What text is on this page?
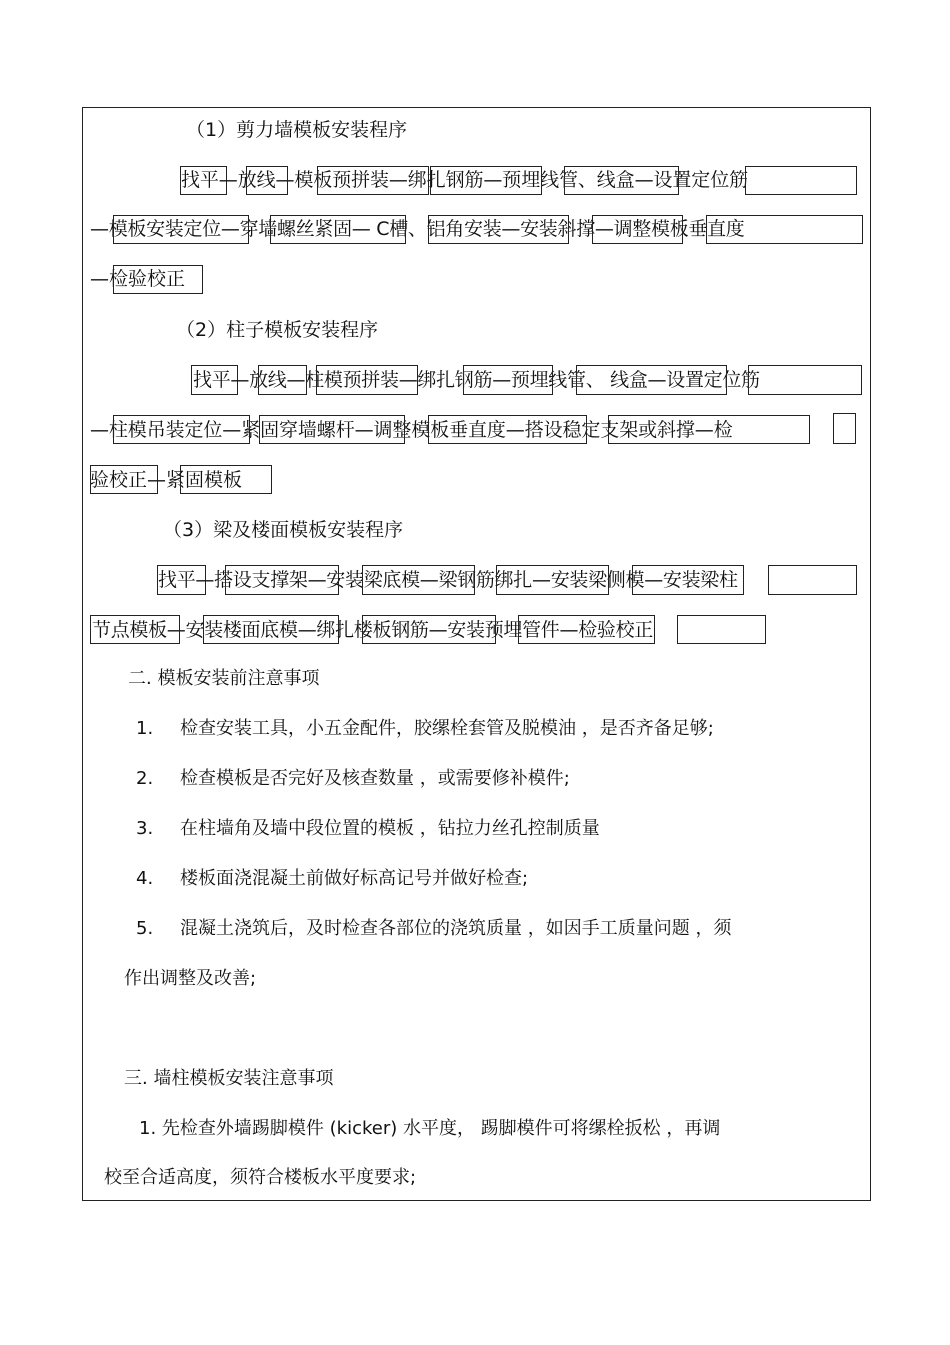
（1）剪力墙模板安装程序
找平—放线—模板预拼装—绑扎钢筋—预埋线管、线盒—设置定位筋
—模板安装定位—穿墙螺丝紧固— C槽、铝角安装—安装斜撑—调整模板垂直度
—检验校正
（2）柱子模板安装程序
找平—放线—柱模预拼装—绑扎钢筋—预埋线管、 线盒—设置定位筋
—柱模吊装定位—紧固穿墙螺杆—调整模板垂直度—搭设稳定支架或斜撑—检
验校正—紧固模板
（3）梁及楼面模板安装程序
找平—搭设支撑架—安装梁底模—梁钢筋绑扎—安装梁侧模—安装梁柱
节点模板—安装楼面底模—绑扎楼板钢筋—安装预埋管件—检验校正
二. 模板安装前注意事项
1. 检查安装工具，小五金配件，胶缧栓套管及脱模油 ，是否齐备足够;
2. 检查模板是否完好及核查数量 ，或需要修补模件;
3. 在柱墙角及墙中段位置的模板 ，钻拉力丝孔控制质量
4. 楼板面浇混凝土前做好标高记号并做好检查;
5. 混凝土浇筑后，及时检查各部位的浇筑质量 ，如因手工质量问题 ，须
作出调整及改善;
三. 墙柱模板安装注意事项
1. 先检查外墙踢脚模件 (kicker) 水平度， 踢脚模件可将缧栓扳松 ，再调
校至合适高度，须符合楼板水平度要求;
